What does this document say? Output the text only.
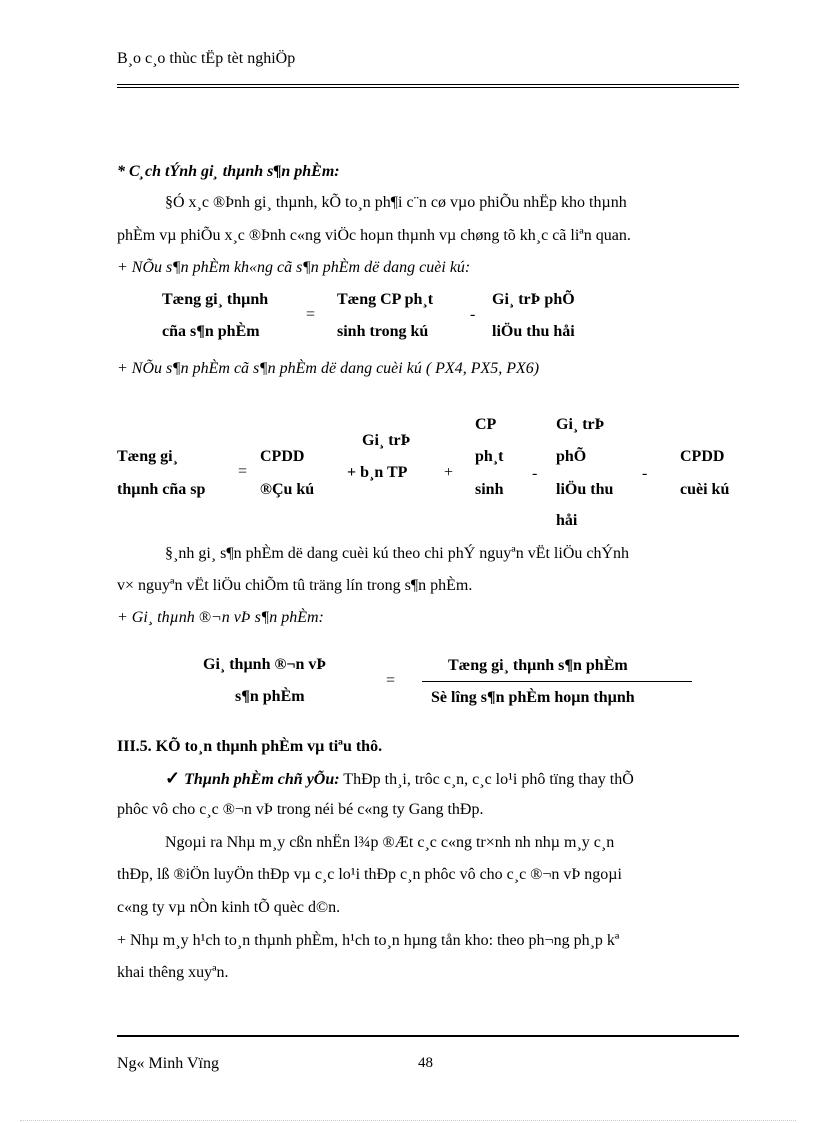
B¸o c¸o thùc tËp tèt nghiÖp
* C¸ch tÝnh gi¸ thµnh s¶n phÈm:
§Ó x¸c ®Þnh gi¸ thµnh, kÕ to¸n ph¶i c¨n cø vµo phiÕu nhËp kho thµnh
phÈm vµ phiÕu x¸c ®Þnh c«ng viÖc hoµn thµnh vµ chøng tõ kh¸c cã liªn quan.
+ NÕu s¶n phÈm kh«ng cã s¶n phÈm dë dang cuèi kú:
Tæng gi¸ thµnh
cña s¶n phÈm
=
Tæng CP ph¸t
sinh trong kú
-
Gi¸ trÞ phÕ
liÖu thu håi
+ NÕu s¶n phÈm cã s¶n phÈm dë dang cuèi kú ( PX4, PX5, PX6)
Tæng gi¸
thµnh cña sp
=
CPDD
®Çu kú
Gi¸ trÞ
+ b¸n TP +
CP
ph¸t
sinh
-
Gi¸ trÞ
phÕ
liÖu thu
håi
-
CPDD
cuèi kú
§¸nh gi¸ s¶n phÈm dë dang cuèi kú theo chi phÝ nguyªn vËt liÖu chÝnh
v× nguyªn vËt liÖu chiÕm tû träng lín trong s¶n phÈm.
+ Gi¸ thµnh ®¬n vÞ s¶n phÈm:
Gi¸ thµnh ®¬n vÞ
s¶n phÈm
=
Tæng gi¸ thµnh s¶n phÈm
Sè lîng s¶n phÈm hoµn thµnh
III.5. KÕ to¸n thµnh phÈm vµ tiªu thô.
✓ Thµnh phÈm chñ yÕu: ThÐp th¸i, trôc c¸n, c¸c lo¹i phô tïng thay thÕ
phôc vô cho c¸c ®¬n vÞ trong néi bé c«ng ty Gang thÐp.
Ngoµi ra Nhµ m¸y cßn nhËn l¾p ®Æt c¸c c«ng tr×nh nh nhµ m¸y c¸n
thÐp, lß ®iÖn luyÖn thÐp vµ c¸c lo¹i thÐp c¸n phôc vô cho c¸c ®¬n vÞ ngoµi
c«ng ty vµ nÒn kinh tÕ quèc d©n.
+ Nhµ m¸y h¹ch to¸n thµnh phÈm, h¹ch to¸n hµng tån kho: theo ph¬ng ph¸p kª
khai thêng xuyªn.
Ng« Minh Vïng	48
